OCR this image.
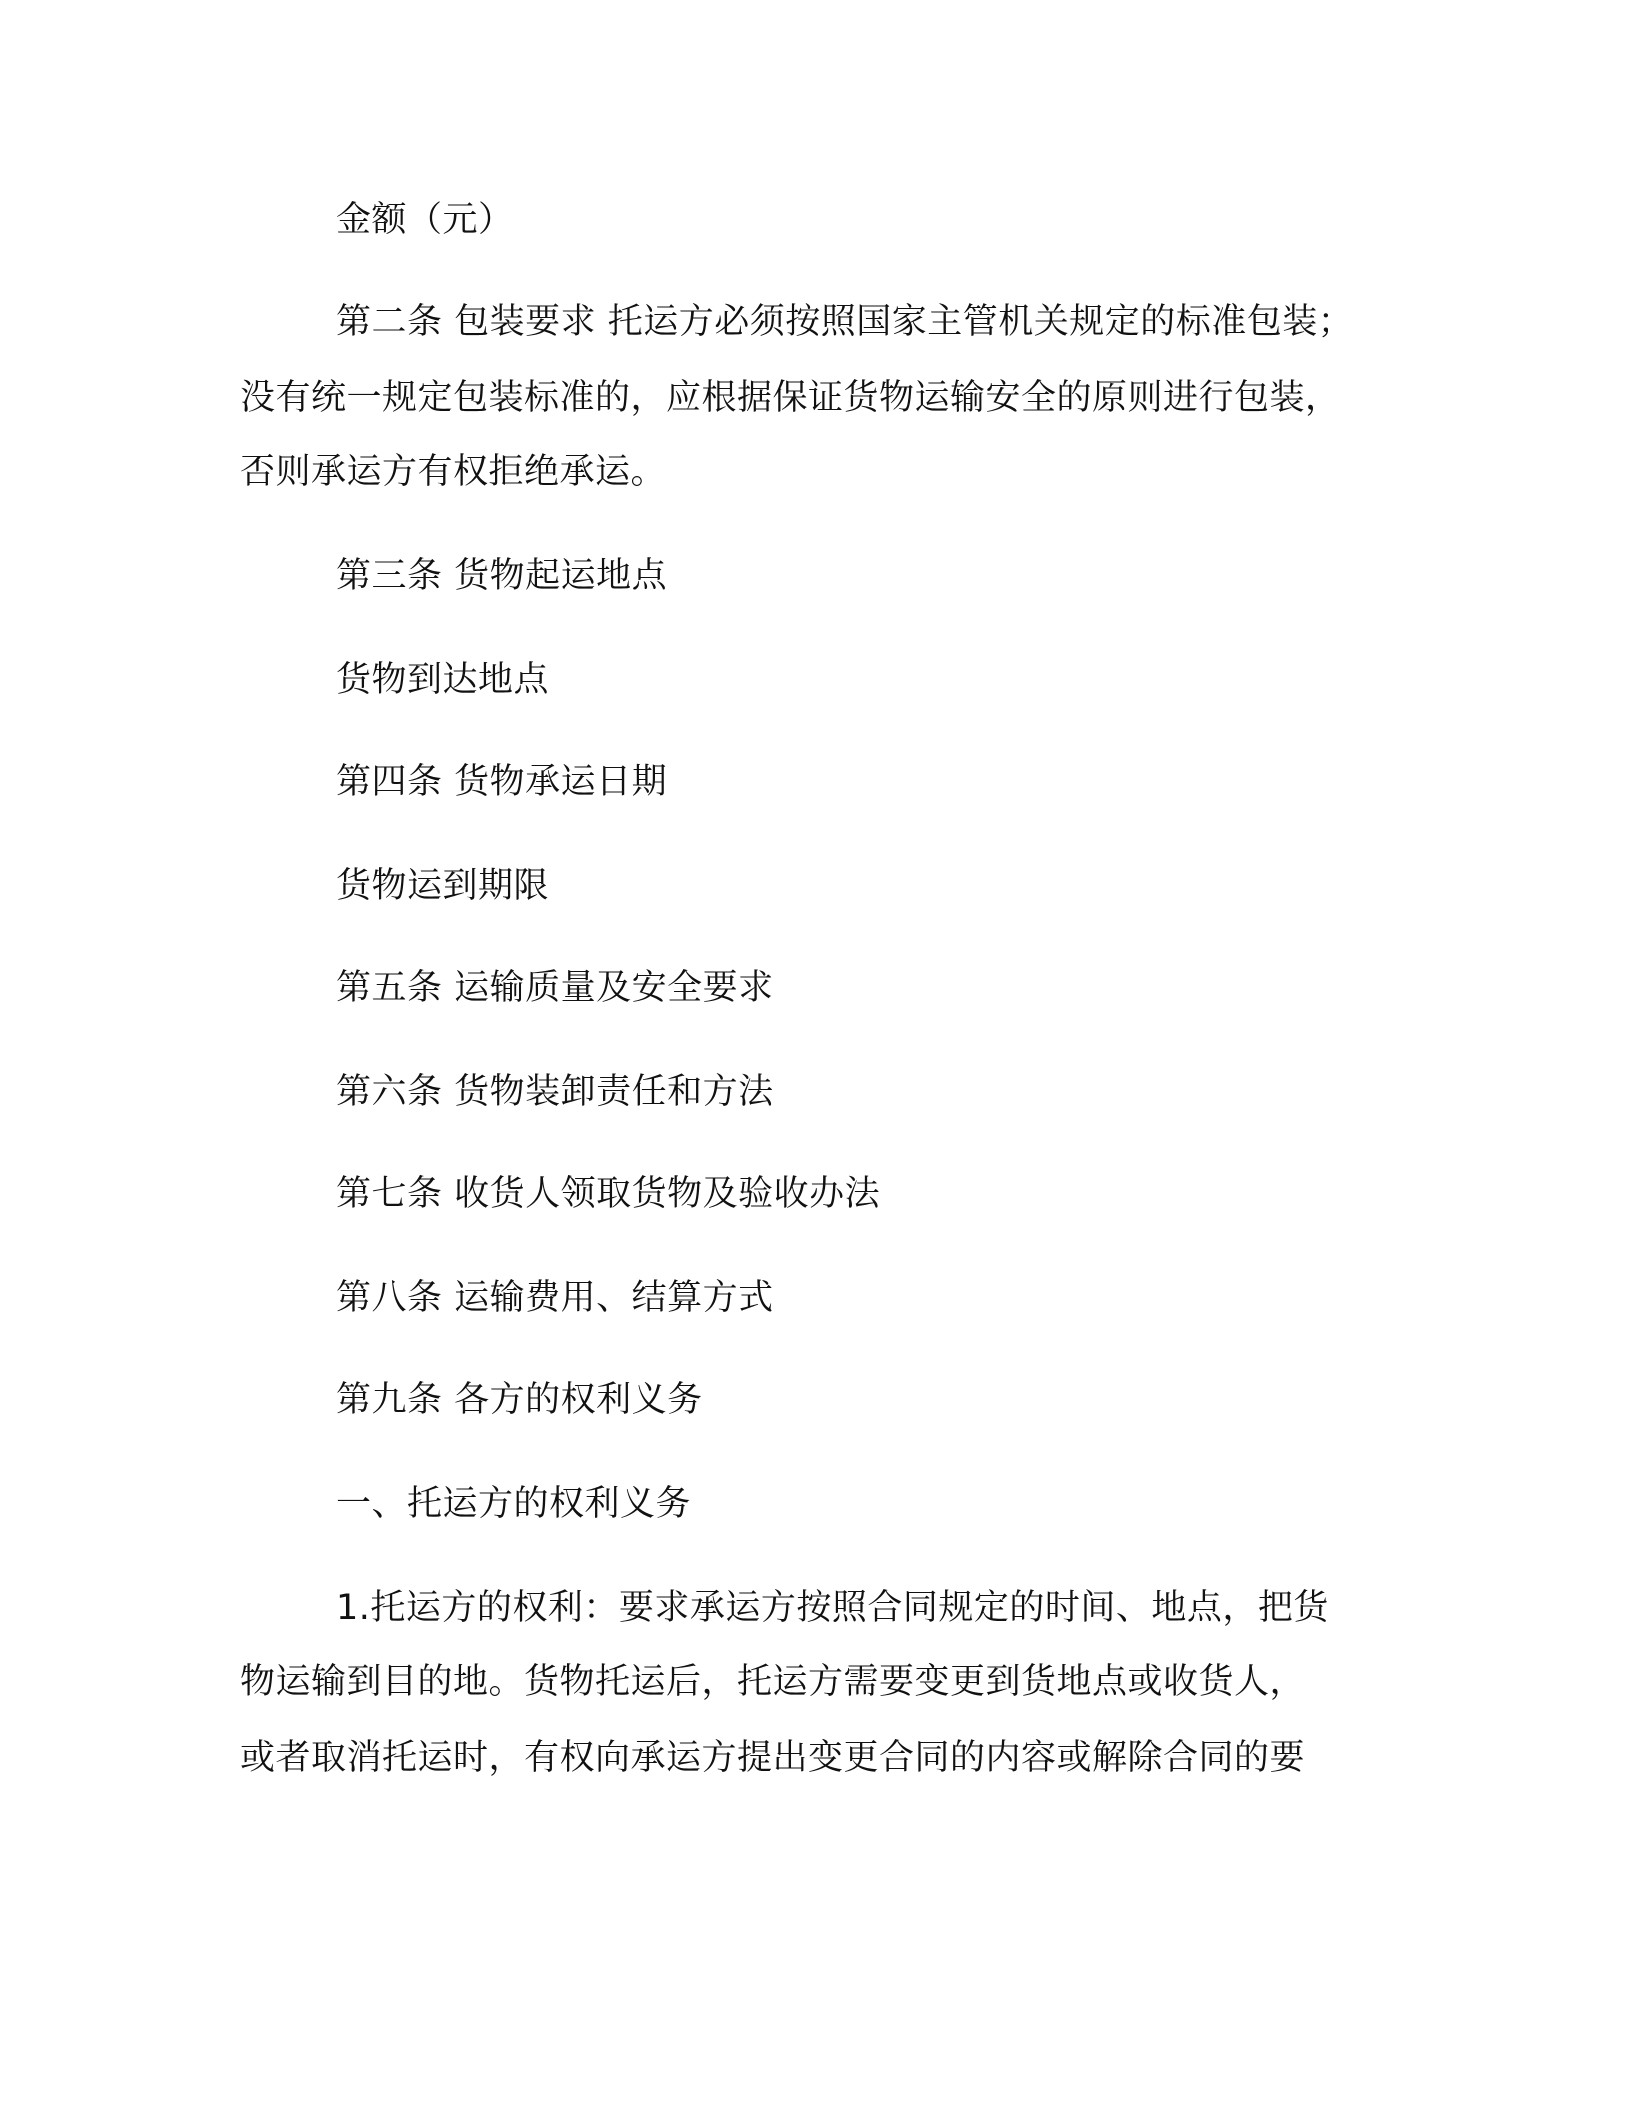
金额（元）
第二条 包装要求 托运方必须按照国家主管机关规定的标准包装；
没有统一规定包装标准的，应根据保证货物运输安全的原则进行包装，
否则承运方有权拒绝承运。
第三条 货物起运地点
货物到达地点
第四条 货物承运日期
货物运到期限
第五条 运输质量及安全要求
第六条 货物装卸责任和方法
第七条 收货人领取货物及验收办法
第八条 运输费用、结算方式
第九条 各方的权利义务
一、托运方的权利义务
1.托运方的权利：要求承运方按照合同规定的时间、地点，把货
物运输到目的地。货物托运后，托运方需要变更到货地点或收货人，
或者取消托运时，有权向承运方提出变更合同的内容或解除合同的要
